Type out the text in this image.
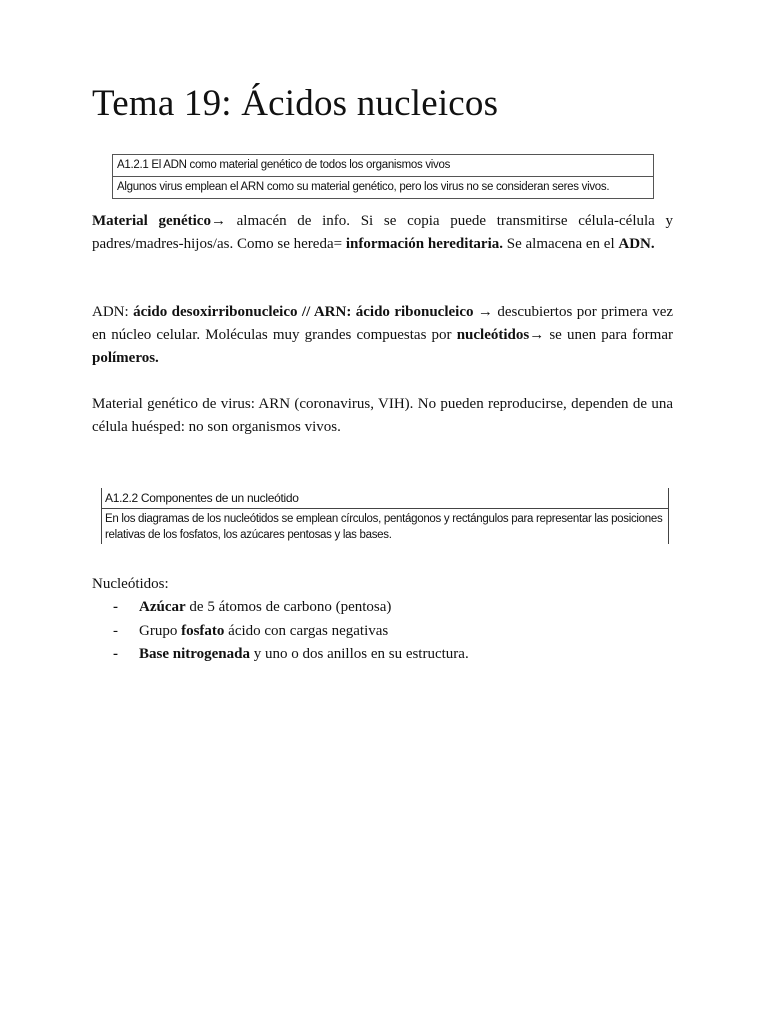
Tema 19: Ácidos nucleicos
A1.2.1 El ADN como material genético de todos los organismos vivos
Algunos virus emplean el ARN como su material genético, pero los virus no se consideran seres vivos.

Material genético→ almacén de info. Si se copia puede transmitirse célula-célula y padres/madres-hijos/as. Como se hereda= información hereditaria. Se almacena en el ADN.

ADN: ácido desoxirribonucleico // ARN: ácido ribonucleico → descubiertos por primera vez en núcleo celular. Moléculas muy grandes compuestas por nucleótidos→ se unen para formar polímeros.

Material genético de virus: ARN (coronavirus, VIH). No pueden reproducirse, dependen de una célula huésped: no son organismos vivos.

A1.2.2 Componentes de un nucleótido
En los diagramas de los nucleótidos se emplean círculos, pentágonos y rectángulos para representar las posiciones relativas de los fosfatos, los azúcares pentosas y las bases.

Nucleótidos:

- Azúcar de 5 átomos de carbono (pentosa)
- Grupo fosfato ácido con cargas negativas
- Base nitrogenada y uno o dos anillos en su estructura.
